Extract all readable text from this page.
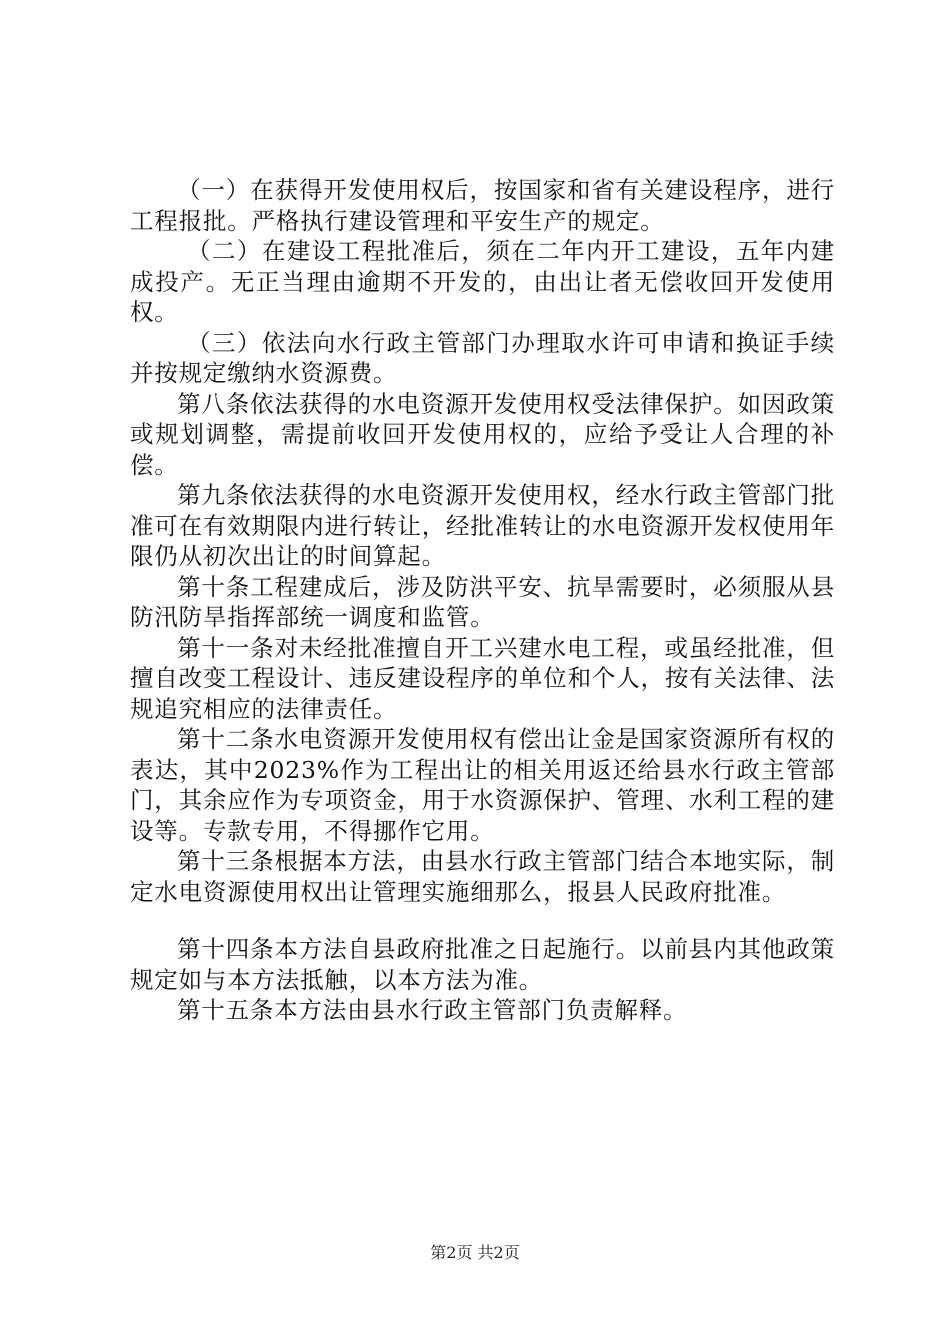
（一）在获得开发使用权后，按国家和省有关建设程序，进行工程报批。严格执行建设管理和平安生产的规定。

（二）在建设工程批准后，须在二年内开工建设，五年内建成投产。无正当理由逾期不开发的，由出让者无偿收回开发使用权。

（三）依法向水行政主管部门办理取水许可申请和换证手续并按规定缴纳水资源费。

第八条依法获得的水电资源开发使用权受法律保护。如因政策或规划调整，需提前收回开发使用权的，应给予受让人合理的补偿。

第九条依法获得的水电资源开发使用权，经水行政主管部门批准可在有效期限内进行转让，经批准转让的水电资源开发权使用年限仍从初次出让的时间算起。

第十条工程建成后，涉及防洪平安、抗旱需要时，必须服从县防汛防旱指挥部统一调度和监管。

第十一条对未经批准擅自开工兴建水电工程，或虽经批准，但擅自改变工程设计、违反建设程序的单位和个人，按有关法律、法规追究相应的法律责任。

第十二条水电资源开发使用权有偿出让金是国家资源所有权的表达，其中2023%作为工程出让的相关用返还给县水行政主管部门，其余应作为专项资金，用于水资源保护、管理、水利工程的建设等。专款专用，不得挪作它用。

第十三条根据本方法，由县水行政主管部门结合本地实际，制定水电资源使用权出让管理实施细那么，报县人民政府批准。

第十四条本方法自县政府批准之日起施行。以前县内其他政策规定如与本方法抵触，以本方法为准。

第十五条本方法由县水行政主管部门负责解释。

第2页 共2页
